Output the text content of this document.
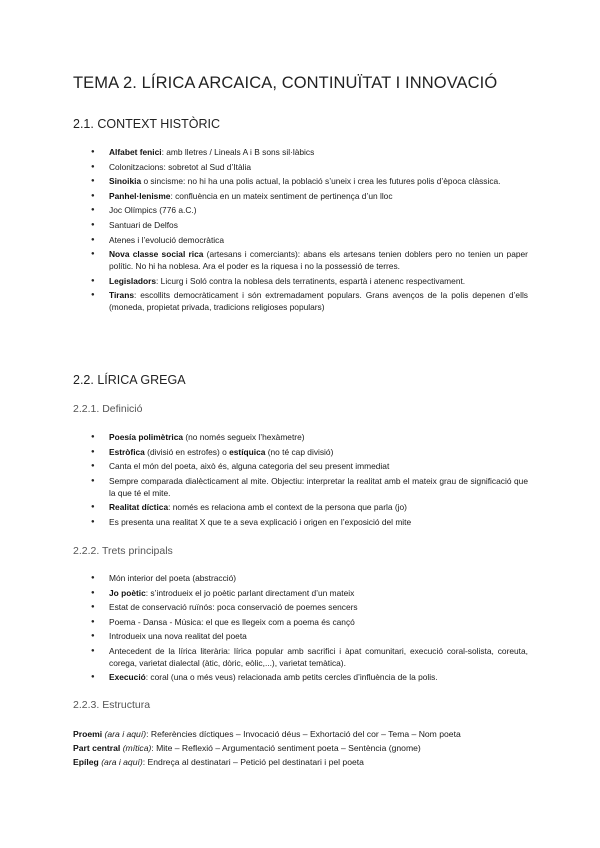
TEMA 2. LÍRICA ARCAICA, CONTINUÏTAT I INNOVACIÓ
2.1. CONTEXT HISTÒRIC
● Alfabet fenici: amb lletres / Lineals A i B sons sil·làbics
● Colonitzacions: sobretot al Sud d’Itàlia
● Sinoikia o sincisme: no hi ha una polis actual, la població s’uneix i crea les futures polis d’època clàssica.
● Panhel·lenisme: confluència en un mateix sentiment de pertinença d’un lloc
● Joc Olímpics (776 a.C.)
● Santuari de Delfos
● Atenes i l’evolució democràtica
● Nova classe social rica (artesans i comerciants): abans els artesans tenien doblers pero no tenien un paper polític. No hi ha noblesa. Ara el poder es la riquesa i no la possessió de terres.
● Legisladors: Licurg i Soló contra la noblesa dels terratinents, espartà i atenenc respectivament.
● Tirans: escollits democràticament i són extremadament populars. Grans avenços de la polis depenen d’ells (moneda, propietat privada, tradicions religioses populars)
2.2. LÍRICA GREGA
2.2.1. Definició
● Poesía polimètrica (no només segueix l’hexàmetre)
● Estròfica (divisió en estrofes) o estíquica (no té cap divisió)
● Canta el món del poeta, això és, alguna categoria del seu present immediat
● Sempre comparada dialècticament al mite. Objectiu: interpretar la realitat amb el mateix grau de significació que la que té el mite.
● Realitat díctica: només es relaciona amb el context de la persona que parla (jo)
● Es presenta una realitat X que te a seva explicació i origen en l’exposició del mite
2.2.2. Trets principals
● Món interior del poeta (abstracció)
● Jo poètic: s’introdueix el jo poètic parlant directament d’un mateix
● Estat de conservació ruïnós: poca conservació de poemes sencers
● Poema - Dansa - Música: el que es llegeix com a poema és cançó
● Introdueix una nova realitat del poeta
● Antecedent de la lírica literària: lírica popular amb sacrifici i àpat comunitari, execució coral-solista, coreuta, corega, varietat dialectal (àtic, dòric, eòlic,...), varietat temàtica).
● Execució: coral (una o més veus) relacionada amb petits cercles d’influència de la polis.
2.2.3. Estructura
Proemi (ara i aquí): Referències díctiques – Invocació déus – Exhortació del cor – Tema – Nom poeta
Part central (mítica): Mite – Reflexió – Argumentació sentiment poeta – Sentència (gnome)
Epíleg (ara i aquí): Endreça al destinatari – Petició pel destinatari i pel poeta
